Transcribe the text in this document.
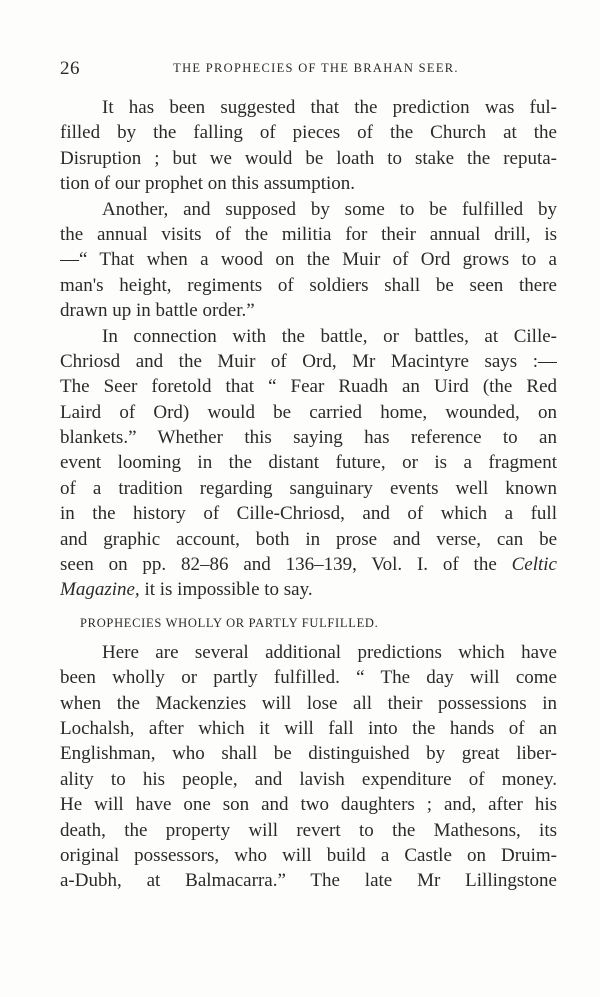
26	THE PROPHECIES OF THE BRAHAN SEER.
It has been suggested that the prediction was ful-
filled by the falling of pieces of the Church at the
Disruption ; but we would be loath to stake the reputa-
tion of our prophet on this assumption.
Another, and supposed by some to be fulfilled by
the annual visits of the militia for their annual drill, is
—“ That when a wood on the Muir of Ord grows to a
man's height, regiments of soldiers shall be seen there
drawn up in battle order.”
In connection with the battle, or battles, at Cille-
Chriosd and the Muir of Ord, Mr Macintyre says :—
The Seer foretold that “ Fear Ruadh an Uird (the Red
Laird of Ord) would be carried home, wounded, on
blankets.” Whether this saying has reference to an
event looming in the distant future, or is a fragment
of a tradition regarding sanguinary events well known
in the history of Cille-Chriosd, and of which a full
and graphic account, both in prose and verse, can be
seen on pp. 82–86 and 136–139, Vol. I. of the Celtic
Magazine, it is impossible to say.
PROPHECIES WHOLLY OR PARTLY FULFILLED.
Here are several additional predictions which have
been wholly or partly fulfilled. “ The day will come
when the Mackenzies will lose all their possessions in
Lochalsh, after which it will fall into the hands of an
Englishman, who shall be distinguished by great liber-
ality to his people, and lavish expenditure of money.
He will have one son and two daughters ; and, after his
death, the property will revert to the Mathesons, its
original possessors, who will build a Castle on Druim-
a-Dubh, at Balmacarra.” The late Mr Lillingstone
